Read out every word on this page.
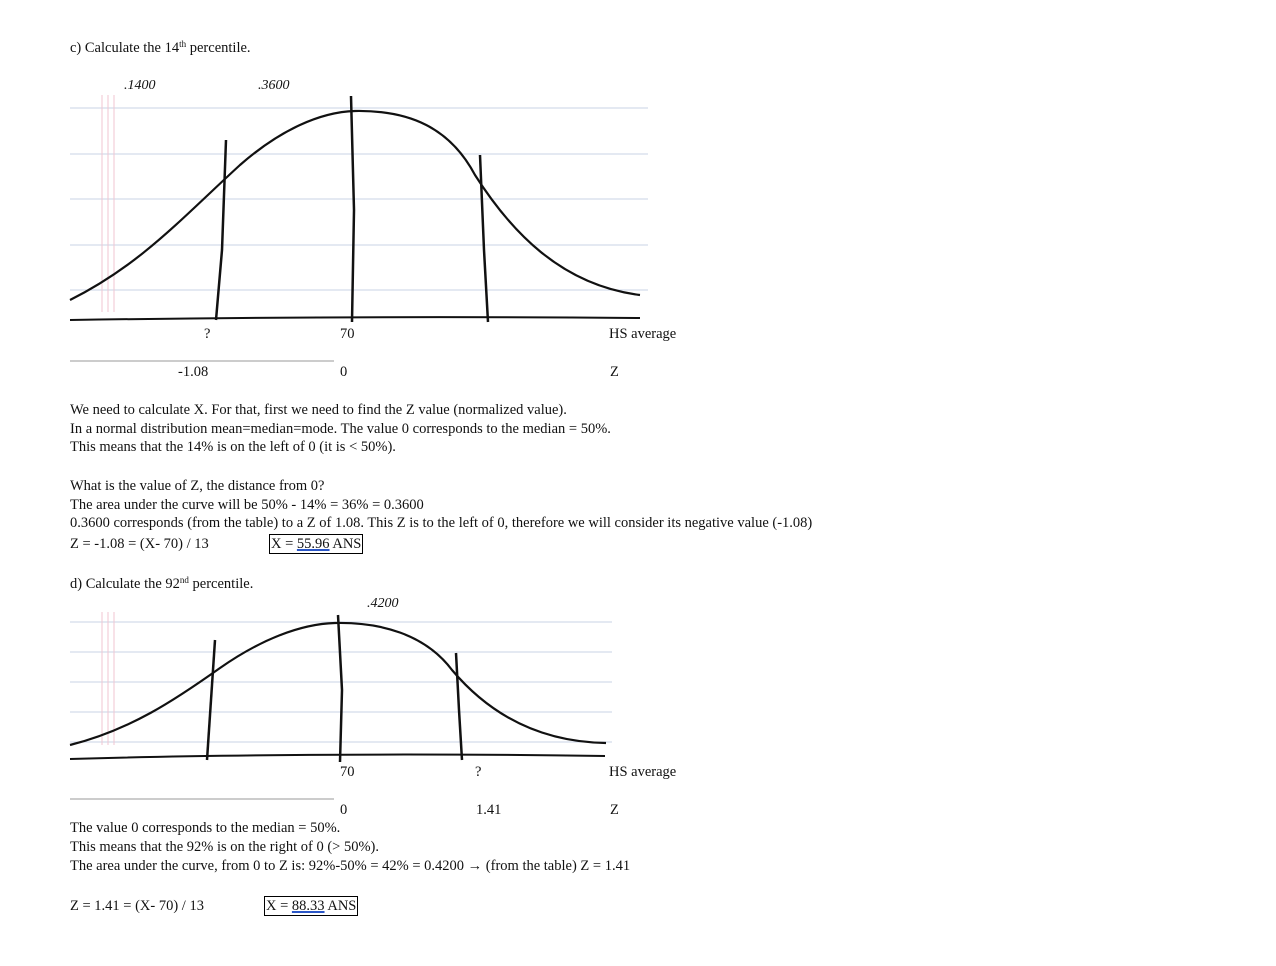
c) Calculate the 14th percentile.
.1400	.3600
?	70	HS average
-1.08	0	Z
We need to calculate X. For that, first we need to find the Z value (normalized value).
In a normal distribution mean=median=mode. The value 0 corresponds to the median = 50%.
This means that the 14% is on the left of 0 (it is < 50%).
What is the value of Z, the distance from 0?
The area under the curve will be 50% - 14% = 36% = 0.3600
0.3600 corresponds (from the table) to a Z of 1.08. This Z is to the left of 0, therefore we will consider its negative value (-1.08)
Z = -1.08 = (X- 70) / 13	X = 55.96 ANS
d) Calculate the 92nd percentile.
.4200
70	?	HS average
0	1.41	Z
The value 0 corresponds to the median = 50%.
This means that the 92% is on the right of 0 (> 50%).
The area under the curve, from 0 to Z is: 92%-50% = 42% = 0.4200 → (from the table) Z = 1.41
Z = 1.41 = (X- 70) / 13	X = 88.33 ANS
